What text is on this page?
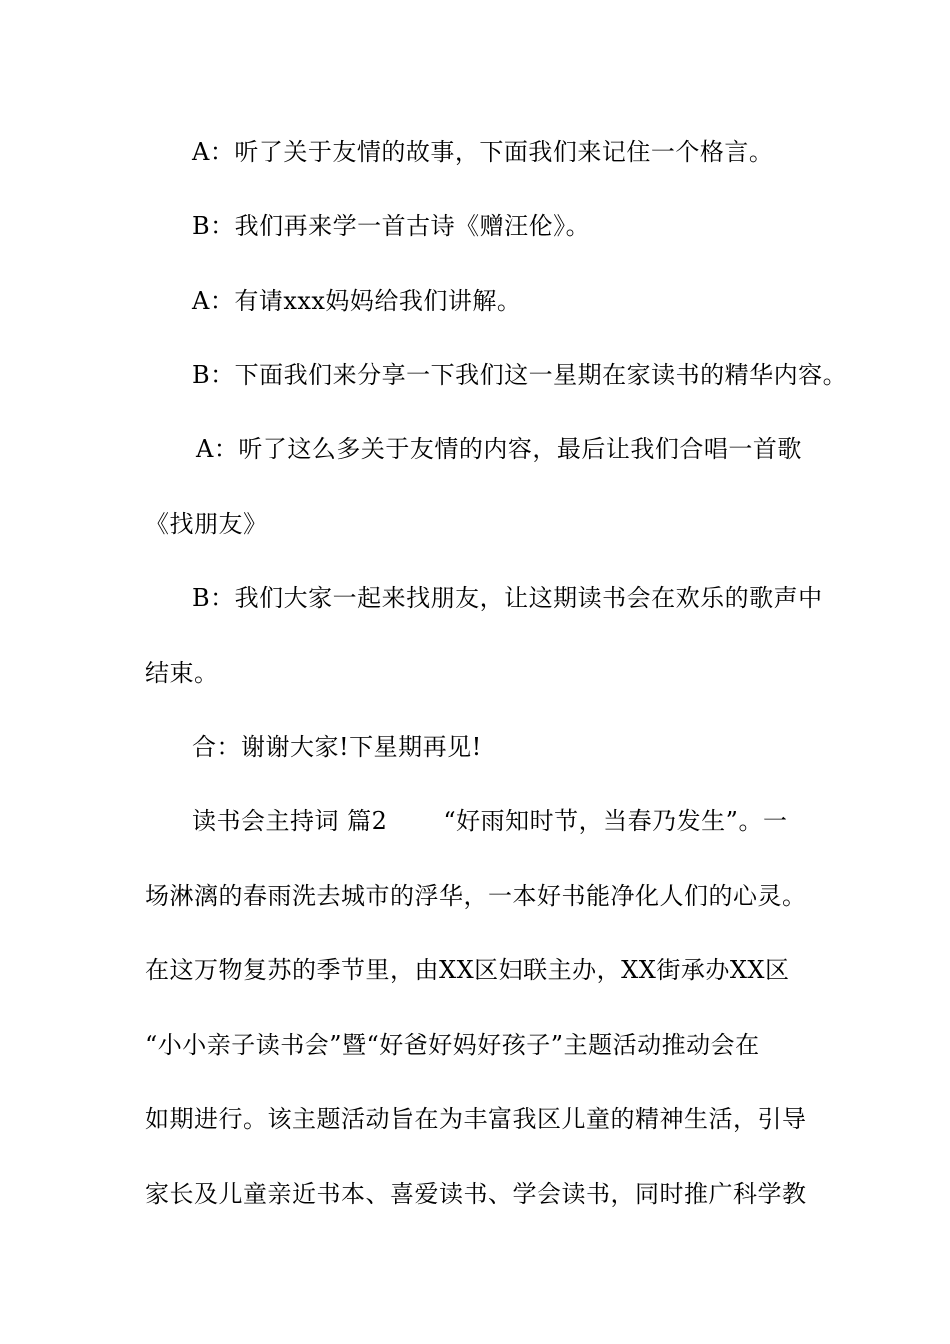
A：听了关于友情的故事，下面我们来记住一个格言。
B：我们再来学一首古诗《赠汪伦》。
A：有请xxx妈妈给我们讲解。
B：下面我们来分享一下我们这一星期在家读书的精华内容。
A：听了这么多关于友情的内容，最后让我们合唱一首歌
《找朋友》
B：我们大家一起来找朋友，让这期读书会在欢乐的歌声中
结束。
合：谢谢大家!下星期再见!
读书会主持词 篇2 “好雨知时节，当春乃发生”。一
场淋漓的春雨洗去城市的浮华，一本好书能净化人们的心灵。
在这万物复苏的季节里，由XX区妇联主办，XX街承办XX区
“小小亲子读书会”暨“好爸好妈好孩子”主题活动推动会在
如期进行。该主题活动旨在为丰富我区儿童的精神生活，引导
家长及儿童亲近书本、喜爱读书、学会读书，同时推广科学教
